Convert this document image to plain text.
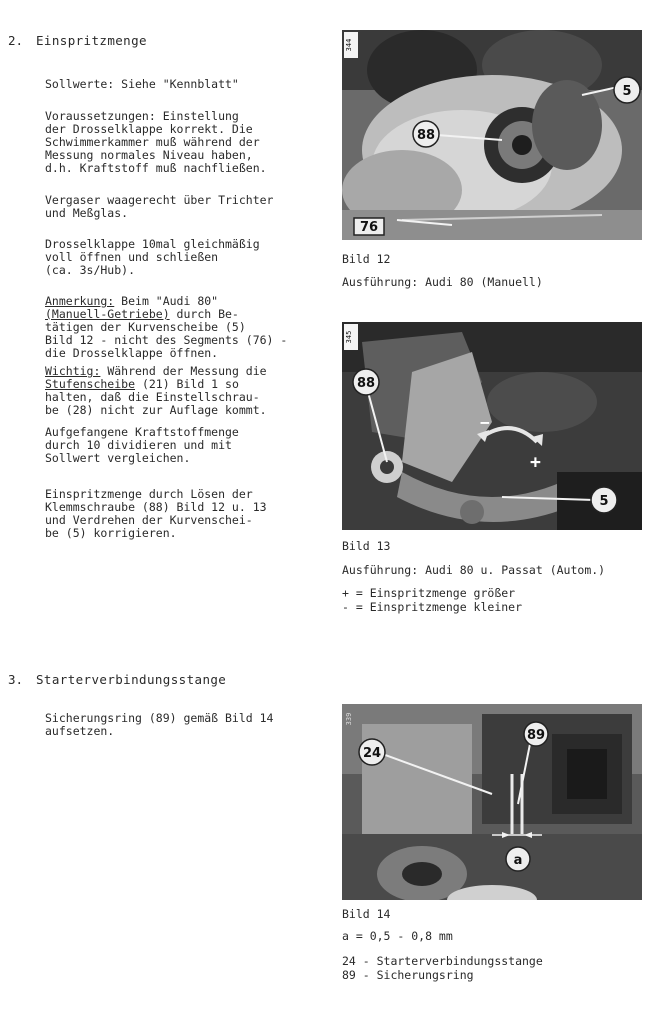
2. Einspritzmenge

Sollwerte: Siehe "Kennblatt"

Voraussetzungen: Einstellung
der Drosselklappe korrekt. Die
Schwimmerkammer muß während der
Messung normales Niveau haben,
d.h. Kraftstoff muß nachfließen.

Vergaser waagerecht über Trichter
und Meßglas.

Drosselklappe 10mal gleichmäßig
voll öffnen und schließen
(ca. 3s/Hub).

Anmerkung: Beim "Audi 80"
(Manuell-Getriebe) durch Be-
tätigen der Kurvenscheibe (5)
Bild 12 - nicht des Segments (76) -
die Drosselklappe öffnen.

Wichtig: Während der Messung die
Stufenscheibe (21) Bild 1 so
halten, daß die Einstellschrau-
be (28) nicht zur Auflage kommt.

Aufgefangene Kraftstoffmenge
durch 10 dividieren und mit
Sollwert vergleichen.

Einspritzmenge durch Lösen der
Klemmschraube (88) Bild 12 u. 13
und Verdrehen der Kurvenschei-
be (5) korrigieren.

3. Starterverbindungsstange

Sicherungsring (89) gemäß Bild 14
aufsetzen.

5
88
76
344
Bild 12
Ausführung: Audi 80 (Manuell)
−
+
88
5
345
Bild 13
Ausführung: Audi 80 u. Passat (Autom.)
+ = Einspritzmenge größer
- = Einspritzmenge kleiner
89
24
a
339
Bild 14
a = 0,5 - 0,8 mm
24 - Starterverbindungsstange
89 - Sicherungsring
